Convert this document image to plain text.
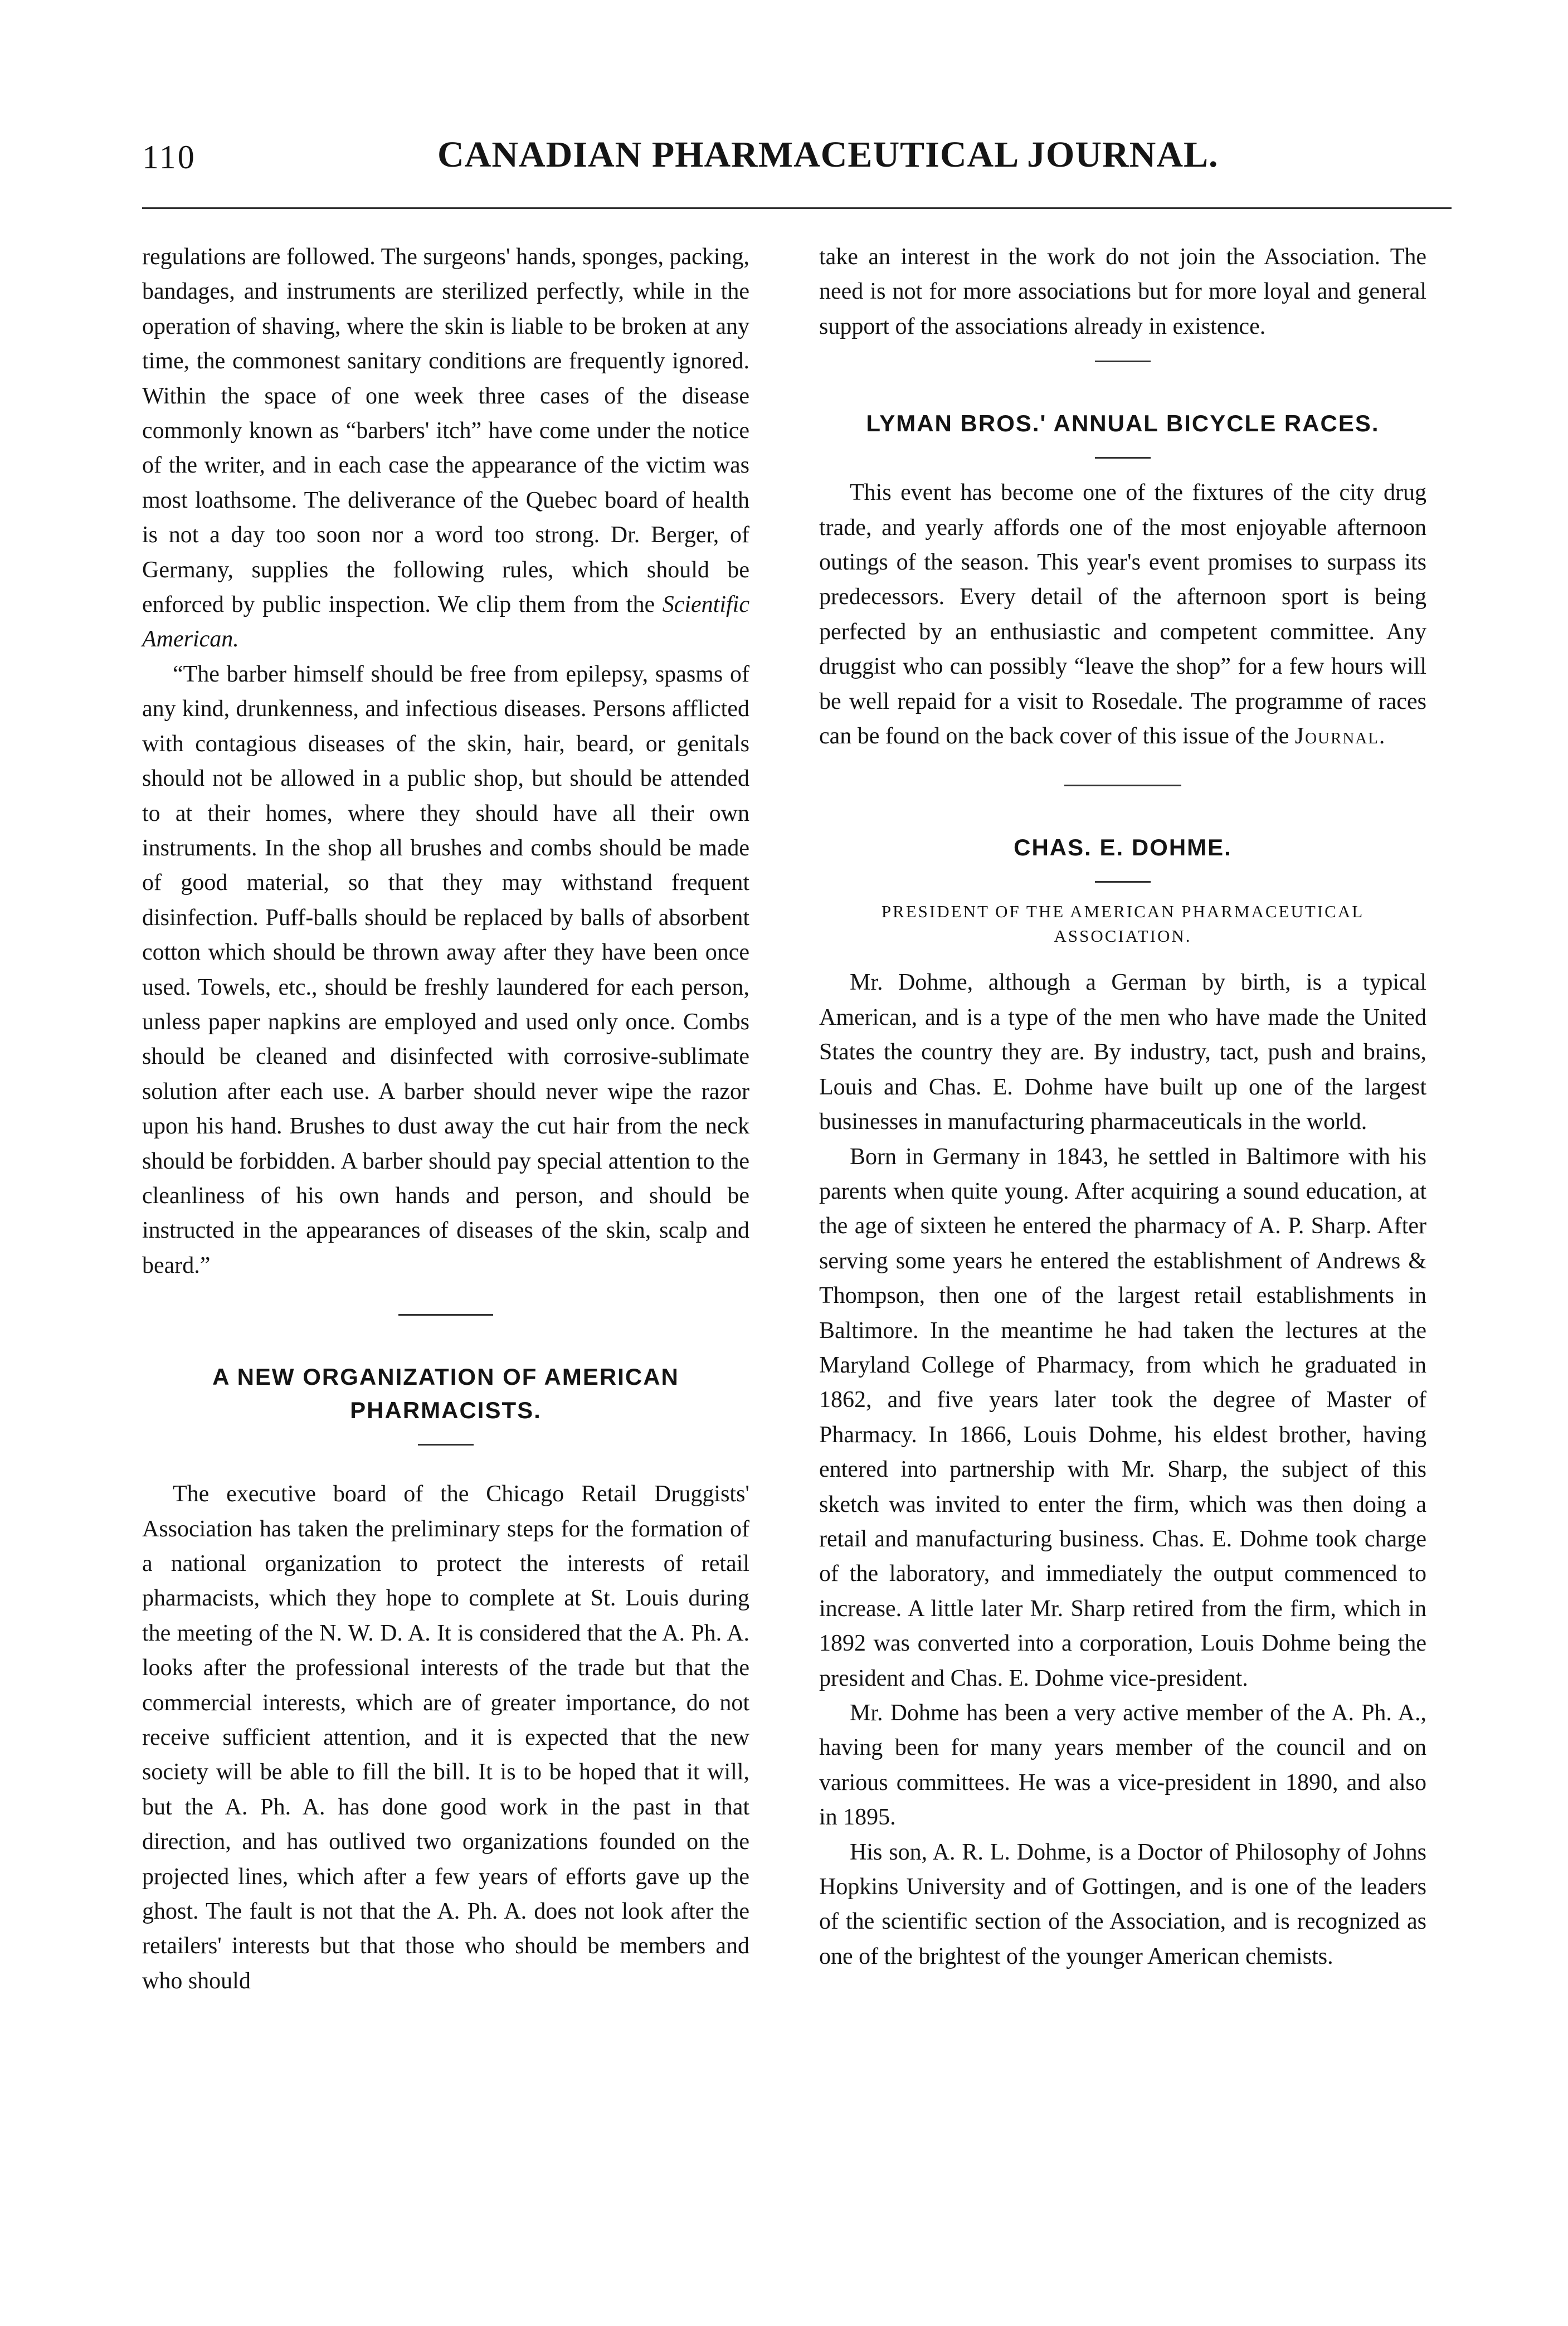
110	CANADIAN PHARMACEUTICAL JOURNAL.

regulations are followed. The surgeons' hands, sponges, packing, bandages, and instruments are sterilized perfectly, while in the operation of shaving, where the skin is liable to be broken at any time, the commonest sanitary conditions are frequently ignored. Within the space of one week three cases of the disease commonly known as “barbers' itch” have come under the notice of the writer, and in each case the appearance of the victim was most loathsome. The deliverance of the Quebec board of health is not a day too soon nor a word too strong. Dr. Berger, of Germany, supplies the following rules, which should be enforced by public inspection. We clip them from the Scientific American.

“The barber himself should be free from epilepsy, spasms of any kind, drunkenness, and infectious diseases. Persons afflicted with contagious diseases of the skin, hair, beard, or genitals should not be allowed in a public shop, but should be attended to at their homes, where they should have all their own instruments. In the shop all brushes and combs should be made of good material, so that they may withstand frequent disinfection. Puff-balls should be replaced by balls of absorbent cotton which should be thrown away after they have been once used. Towels, etc., should be freshly laundered for each person, unless paper napkins are employed and used only once. Combs should be cleaned and disinfected with corrosive-sublimate solution after each use. A barber should never wipe the razor upon his hand. Brushes to dust away the cut hair from the neck should be forbidden. A barber should pay special attention to the cleanliness of his own hands and person, and should be instructed in the appearances of diseases of the skin, scalp and beard.”

A NEW ORGANIZATION OF AMERICAN PHARMACISTS.

The executive board of the Chicago Retail Druggists' Association has taken the preliminary steps for the formation of a national organization to protect the interests of retail pharmacists, which they hope to complete at St. Louis during the meeting of the N. W. D. A. It is considered that the A. Ph. A. looks after the professional interests of the trade but that the commercial interests, which are of greater importance, do not receive sufficient attention, and it is expected that the new society will be able to fill the bill. It is to be hoped that it will, but the A. Ph. A. has done good work in the past in that direction, and has outlived two organizations founded on the projected lines, which after a few years of efforts gave up the ghost. The fault is not that the A. Ph. A. does not look after the retailers' interests but that those who should be members and who should

take an interest in the work do not join the Association. The need is not for more associations but for more loyal and general support of the associations already in existence.

LYMAN BROS.' ANNUAL BICYCLE RACES.

This event has become one of the fixtures of the city drug trade, and yearly affords one of the most enjoyable afternoon outings of the season. This year's event promises to surpass its predecessors. Every detail of the afternoon sport is being perfected by an enthusiastic and competent committee. Any druggist who can possibly “leave the shop” for a few hours will be well repaid for a visit to Rosedale. The programme of races can be found on the back cover of this issue of the Journal.

CHAS. E. DOHME.

PRESIDENT OF THE AMERICAN PHARMACEUTICAL ASSOCIATION.

Mr. Dohme, although a German by birth, is a typical American, and is a type of the men who have made the United States the country they are. By industry, tact, push and brains, Louis and Chas. E. Dohme have built up one of the largest businesses in manufacturing pharmaceuticals in the world.

Born in Germany in 1843, he settled in Baltimore with his parents when quite young. After acquiring a sound education, at the age of sixteen he entered the pharmacy of A. P. Sharp. After serving some years he entered the establishment of Andrews & Thompson, then one of the largest retail establishments in Baltimore. In the meantime he had taken the lectures at the Maryland College of Pharmacy, from which he graduated in 1862, and five years later took the degree of Master of Pharmacy. In 1866, Louis Dohme, his eldest brother, having entered into partnership with Mr. Sharp, the subject of this sketch was invited to enter the firm, which was then doing a retail and manufacturing business. Chas. E. Dohme took charge of the laboratory, and immediately the output commenced to increase. A little later Mr. Sharp retired from the firm, which in 1892 was converted into a corporation, Louis Dohme being the president and Chas. E. Dohme vice-president.

Mr. Dohme has been a very active member of the A. Ph. A., having been for many years member of the council and on various committees. He was a vice-president in 1890, and also in 1895.

His son, A. R. L. Dohme, is a Doctor of Philosophy of Johns Hopkins University and of Gottingen, and is one of the leaders of the scientific section of the Association, and is recognized as one of the brightest of the younger American chemists.
